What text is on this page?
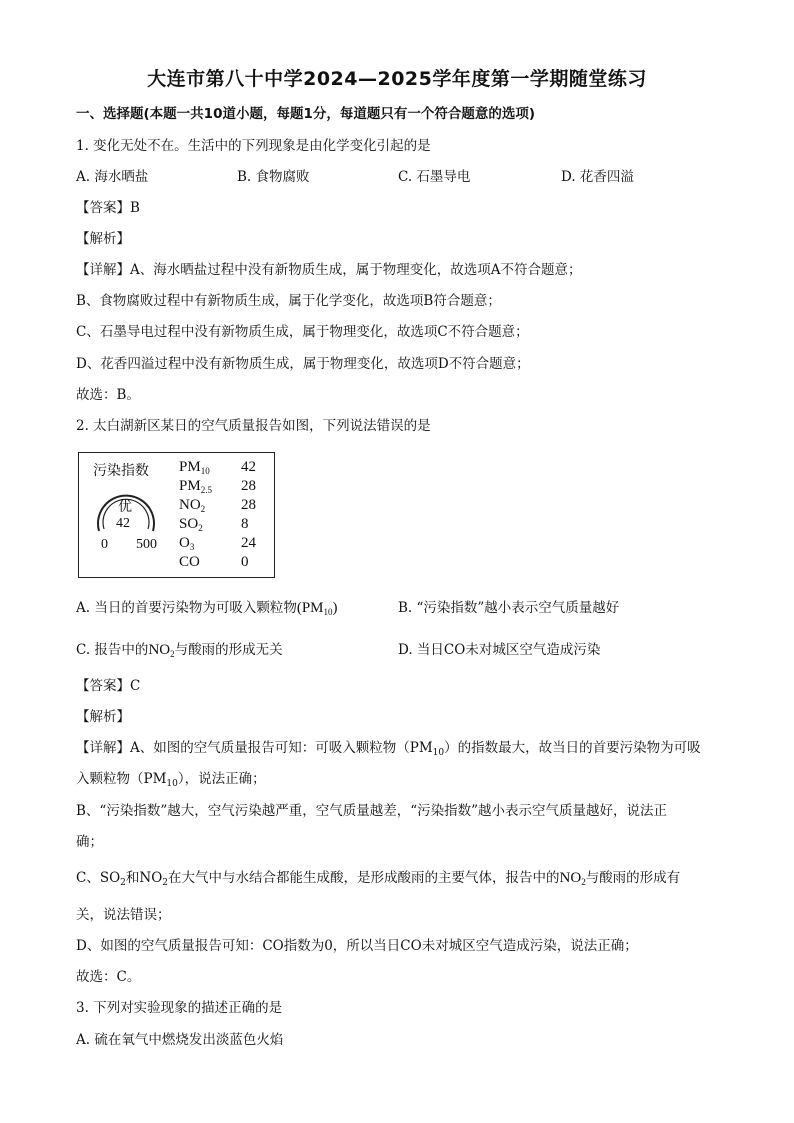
大连市第八十中学2024—2025学年度第一学期随堂练习
一、选择题(本题一共10道小题，每题1分，每道题只有一个符合题意的选项)
1. 变化无处不在。生活中的下列现象是由化学变化引起的是
A. 海水晒盐	B. 食物腐败	C. 石墨导电	D. 花香四溢
【答案】B
【解析】
【详解】A、海水晒盐过程中没有新物质生成，属于物理变化，故选项A不符合题意；
B、食物腐败过程中有新物质生成，属于化学变化，故选项B符合题意；
C、石墨导电过程中没有新物质生成，属于物理变化，故选项C不符合题意；
D、花香四溢过程中没有新物质生成，属于物理变化，故选项D不符合题意；
故选：B。
2. 太白湖新区某日的空气质量报告如图，下列说法错误的是
污染指数
优
42
0 500
$PM_{10}$ 42
$PM_{2.5}$ 28
$NO_2$ 28
$SO_2$	8
$O_3$	24
CO	0
A. 当日的首要污染物为可吸入颗粒物$(PM_{10})$	B. “污染指数”越小表示空气质量越好
C. 报告中的$NO_2$与酸雨的形成无关	D. 当日CO未对城区空气造成污染
【答案】C
【解析】
【详解】A、如图的空气质量报告可知：可吸入颗粒物$(PM_{10})$的指数最大，故当日的首要污染物为可吸
入颗粒物$(PM_{10})$，说法正确；
B、“污染指数”越大，空气污染越严重，空气质量越差，“污染指数”越小表示空气质量越好，说法正
确；
C、$SO_2$和$NO_2$在大气中与水结合都能生成酸，是形成酸雨的主要气体，报告中的$NO_2$与酸雨的形成有
关，说法错误；
D、如图的空气质量报告可知：CO指数为0，所以当日CO未对城区空气造成污染，说法正确；
故选：C。
3. 下列对实验现象的描述正确的是
A. 硫在氧气中燃烧发出淡蓝色火焰
